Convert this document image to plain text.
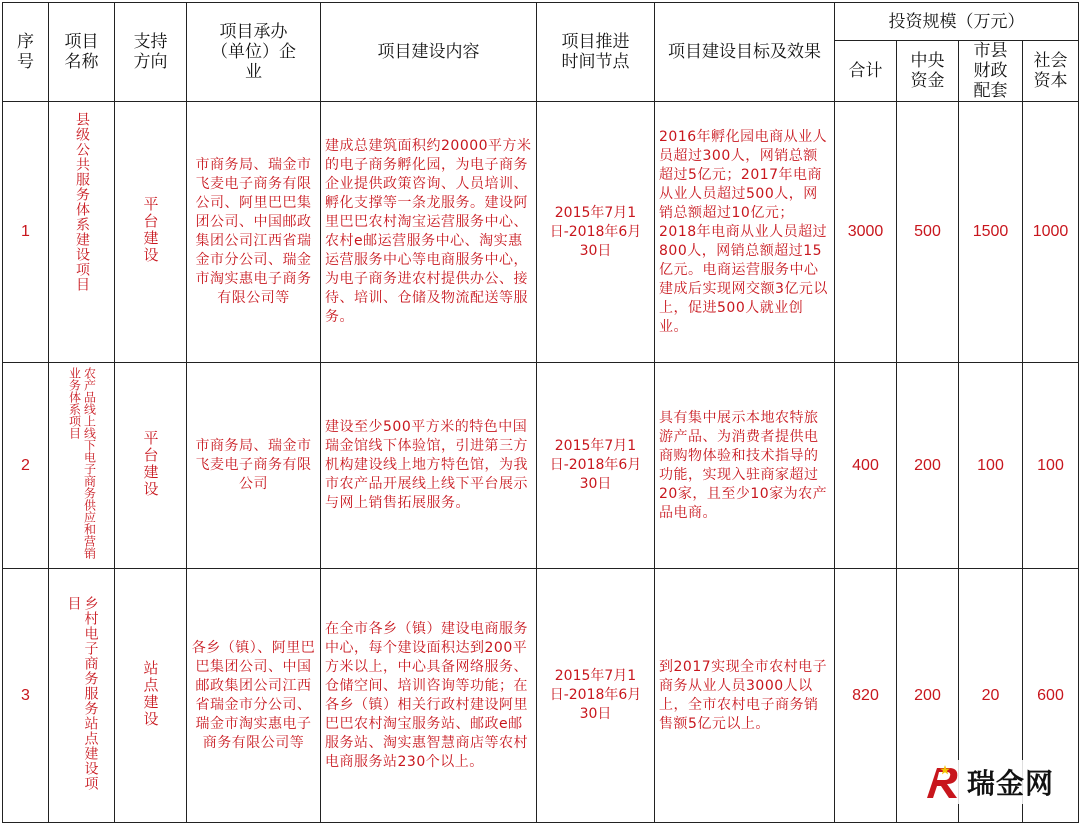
序号	项目名称	支持方向	项目承办（单位）企业	项目建设内容	项目推进时间节点	项目建设目标及效果	投资规模（万元）			
							合计	中央资金	市县财政配套	社会资本
1	县级公共服务体系建设项目	平台建设	市商务局、瑞金市飞麦电子商务有限公司、阿里巴巴集团公司、中国邮政集团公司江西省瑞金市分公司、瑞金市淘实惠电子商务有限公司等	建成总建筑面积约20000平方米的电子商务孵化园，为电子商务企业提供政策咨询、人员培训、孵化支撑等一条龙服务。建设阿里巴巴农村淘宝运营服务中心、农村e邮运营服务中心、淘实惠运营服务中心等电商服务中心，为电子商务进农村提供办公、接待、培训、仓储及物流配送等服务。	2015年7月1日-2018年6月30日	2016年孵化园电商从业人员超过300人，网销总额超过5亿元；2017年电商从业人员超过500人，网销总额超过10亿元；2018年电商从业人员超过800人，网销总额超过15亿元。电商运营服务中心建成后实现网交额3亿元以上，促进500人就业创业。	3000	500	1500	1000
2	农产品线上线下电子商务供应和营销业务体系项目	平台建设	市商务局、瑞金市飞麦电子商务有限公司	建设至少500平方米的特色中国瑞金馆线下体验馆，引进第三方机构建设线上地方特色馆，为我市农产品开展线上线下平台展示与网上销售拓展服务。	2015年7月1日-2018年6月30日	具有集中展示本地农特旅游产品、为消费者提供电商购物体验和技术指导的功能，实现入驻商家超过20家，且至少10家为农产品电商。	400	200	100	100
3	乡村电子商务服务站点建设项目	站点建设	各乡（镇）、阿里巴巴集团公司、中国邮政集团公司江西省瑞金市分公司、瑞金市淘实惠电子商务有限公司等	在全市各乡（镇）建设电商服务中心，每个建设面积达到200平方米以上，中心具备网络服务、仓储空间、培训咨询等功能；在各乡（镇）相关行政村建设阿里巴巴农村淘宝服务站、邮政e邮服务站、淘实惠智慧商店等农村电商服务站230个以上。	2015年7月1日-2018年6月30日	到2017实现全市农村电子商务从业人员3000人以上，全市农村电子商务销售额5亿元以上。	820	200	20	600
瑞金网
